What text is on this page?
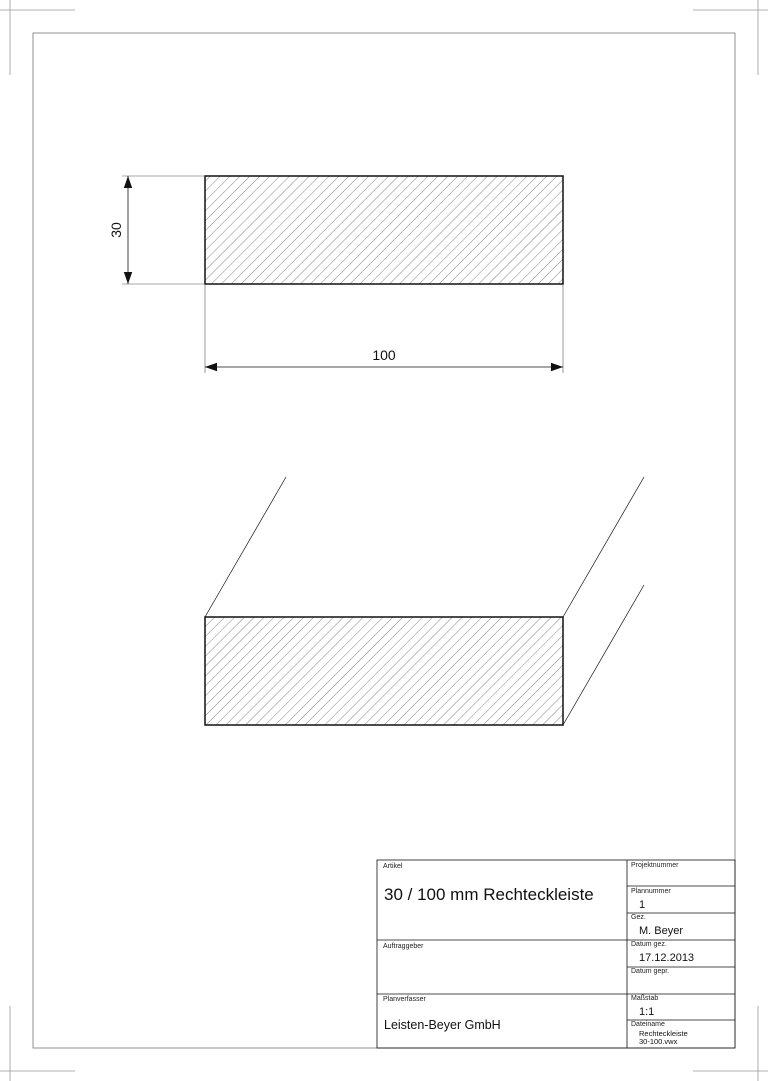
30
100
Artikel
30 / 100 mm Rechteckleiste
Projektnummer
Plannummer
1
Gez.
M. Beyer
Auftraggeber	Datum gez.
17.12.2013
Datum gepr.
Planverfasser
Leisten-Beyer GmbH
Maßstab
1:1
Dateiname
Rechteckleiste
30-100.vwx
